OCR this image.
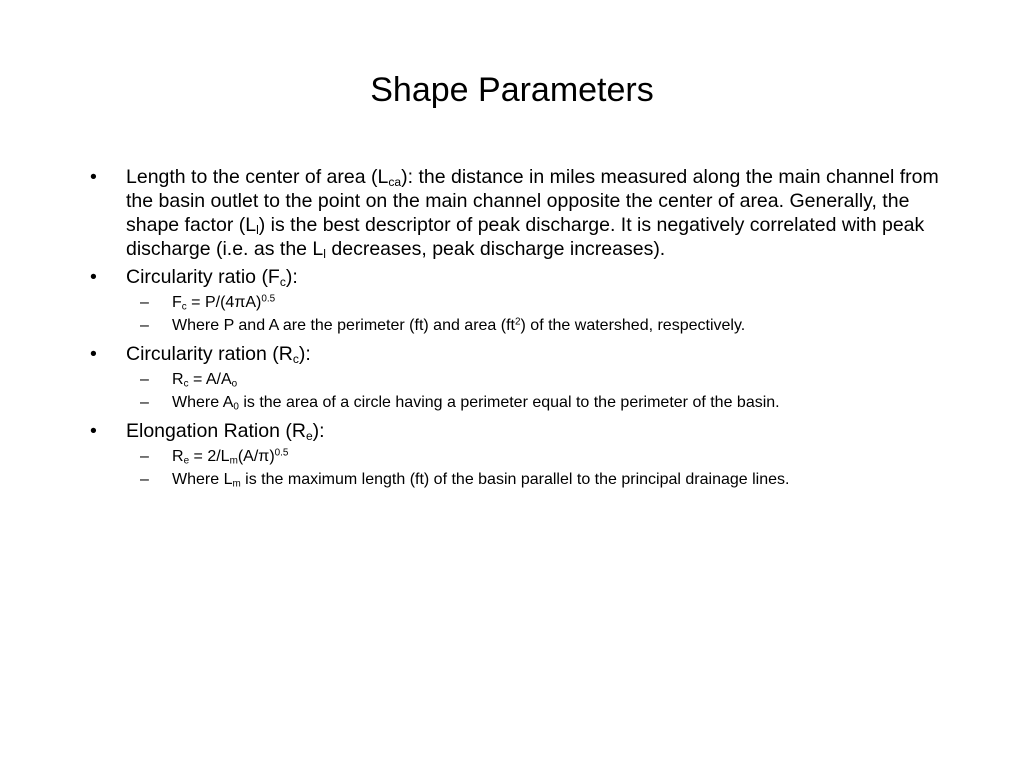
Shape Parameters
• Length to the center of area $(L_{ca})$: the distance in miles measured along the main channel from the basin outlet to the point on the main channel opposite the center of area. Generally, the shape factor $(L_l)$ is the best descriptor of peak discharge. It is negatively correlated with peak discharge (i.e. as the $L_l$ decreases, peak discharge increases).
• Circularity ratio $(F_c)$:
– $F_c = P/(4\pi A)^{0.5}$
– Where P and A are the perimeter (ft) and area $(ft^2)$ of the watershed, respectively.
• Circularity ration $(R_c)$:
– $R_c = A/A_o$
– Where $A_0$ is the area of a circle having a perimeter equal to the perimeter of the basin.
• Elongation Ration $(R_e)$:
– $R_e = 2/L_m(A/\pi)^{0.5}$
– Where $L_m$ is the maximum length (ft) of the basin parallel to the principal drainage lines.
